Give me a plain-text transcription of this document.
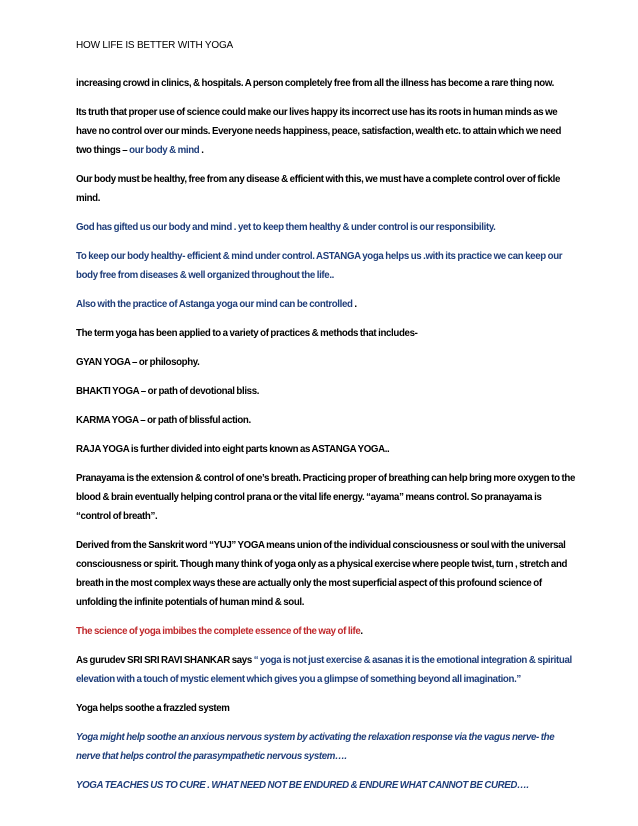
HOW LIFE IS BETTER WITH YOGA

increasing crowd in clinics, & hospitals. A person completely free from all the illness has become a rare thing now.

Its truth that proper use of science could make our lives happy its incorrect use has its roots in human minds as we have no control over our minds. Everyone needs happiness, peace, satisfaction, wealth etc. to attain which we need two things – our body & mind .

Our body must be healthy, free from any disease & efficient with this, we must have a complete control over of fickle mind.

God has gifted us our body and mind . yet to keep them healthy & under control is our responsibility.

To keep our body healthy- efficient & mind under control. ASTANGA yoga helps us .with its practice we can keep our body free from diseases & well organized throughout the life..

Also with the practice of Astanga yoga our mind can be controlled .

The term yoga has been applied to a variety of practices & methods that includes-

GYAN YOGA – or philosophy.

BHAKTI YOGA – or path of devotional bliss.

KARMA YOGA – or path of blissful action.

RAJA YOGA is further divided into eight parts known as ASTANGA YOGA..

Pranayama is the extension & control of one’s breath. Practicing proper of breathing can help bring more oxygen to the blood & brain eventually helping control prana or the vital life energy. “ayama” means control. So pranayama is “control of breath”.

Derived from the Sanskrit word “YUJ” YOGA means union of the individual consciousness or soul with the universal consciousness or spirit. Though many think of yoga only as a physical exercise where people twist, turn , stretch and breath in the most complex ways these are actually only the most superficial aspect of this profound science of unfolding the infinite potentials of human mind & soul.

The science of yoga imbibes the complete essence of the way of life.

As gurudev SRI SRI RAVI SHANKAR says “ yoga is not just exercise & asanas it is the emotional integration & spiritual elevation with a touch of mystic element which gives you a glimpse of something beyond all imagination.”

Yoga helps soothe a frazzled system

Yoga might help soothe an anxious nervous system by activating the relaxation response via the vagus nerve- the nerve that helps control the parasympathetic nervous system….

YOGA TEACHES US TO CURE . WHAT NEED NOT BE ENDURED & ENDURE WHAT CANNOT BE CURED….
